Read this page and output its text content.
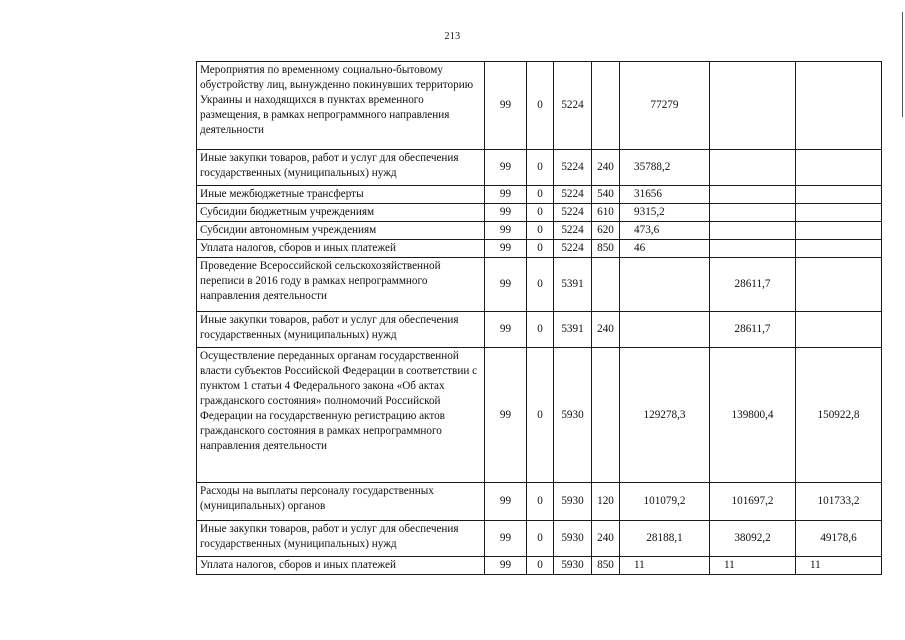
213
Мероприятия по временному социально-бытовому обустройству лиц, вынужденно покинувших территорию Украины и находящихся в пунктах временного размещения, в рамках непрограммного направления деятельности	99	0	5224		77279		
Иные закупки товаров, работ и услуг для обеспечения государственных (муниципальных) нужд	99	0	5224	240	35788,2		
Иные межбюджетные трансферты	99	0	5224	540	31656		
Субсидии бюджетным учреждениям	99	0	5224	610	9315,2		
Субсидии автономным учреждениям	99	0	5224	620	473,6		
Уплата налогов, сборов и иных платежей	99	0	5224	850	46		
Проведение Всероссийской сельскохозяйственной переписи в 2016 году в рамках непрограммного направления деятельности	99	0	5391			28611,7	
Иные закупки товаров, работ и услуг для обеспечения государственных (муниципальных) нужд	99	0	5391	240		28611,7	
Осуществление переданных органам государственной власти субъектов Российской Федерации в соответствии с пунктом 1 статьи 4 Федерального закона «Об актах гражданского состояния» полномочий Российской Федерации на государственную регистрацию актов гражданского состояния в рамках непрограммного направления деятельности	99	0	5930		129278,3	139800,4	150922,8
Расходы на выплаты персоналу государственных (муниципальных) органов	99	0	5930	120	101079,2	101697,2	101733,2
Иные закупки товаров, работ и услуг для обеспечения государственных (муниципальных) нужд	99	0	5930	240	28188,1	38092,2	49178,6
Уплата налогов, сборов и иных платежей	99	0	5930	850	11	11	11
